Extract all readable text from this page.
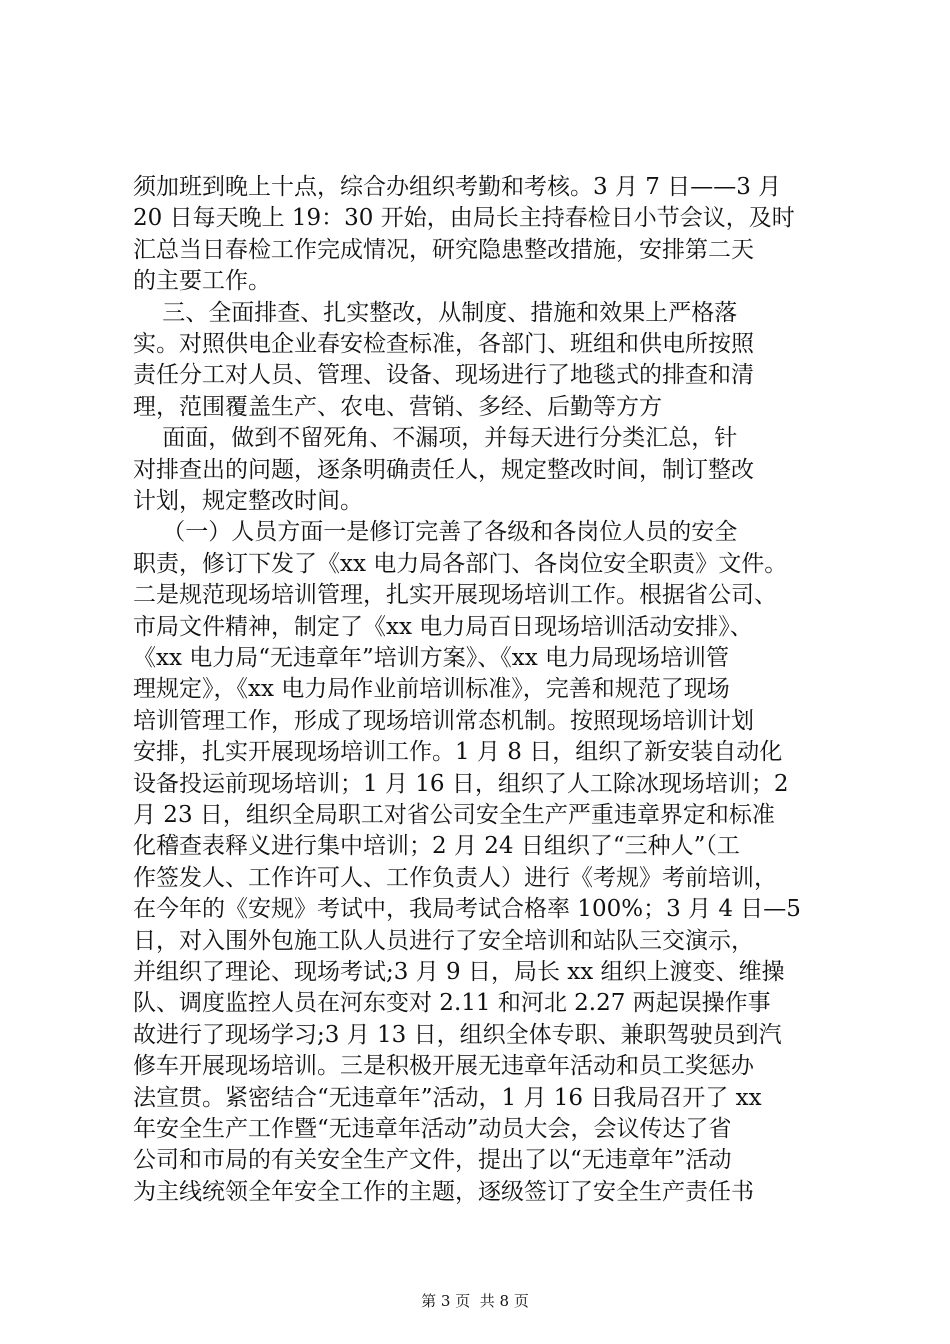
须加班到晚上十点，综合办组织考勤和考核。3 月 7 日——3 月
20 日每天晚上 19：30 开始，由局长主持春检日小节会议，及时
汇总当日春检工作完成情况，研究隐患整改措施，安排第二天
的主要工作。
三、全面排查、扎实整改，从制度、措施和效果上严格落
实。对照供电企业春安检查标准，各部门、班组和供电所按照
责任分工对人员、管理、设备、现场进行了地毯式的排查和清
理，范围覆盖生产、农电、营销、多经、后勤等方方
面面，做到不留死角、不漏项，并每天进行分类汇总，针
对排查出的问题，逐条明确责任人，规定整改时间，制订整改
计划，规定整改时间。
（一）人员方面一是修订完善了各级和各岗位人员的安全
职责，修订下发了《xx 电力局各部门、各岗位安全职责》文件。
二是规范现场培训管理，扎实开展现场培训工作。根据省公司、
市局文件精神，制定了《xx 电力局百日现场培训活动安排》、
《xx 电力局“无违章年”培训方案》、《xx 电力局现场培训管
理规定》，《xx 电力局作业前培训标准》，完善和规范了现场
培训管理工作，形成了现场培训常态机制。按照现场培训计划
安排，扎实开展现场培训工作。1 月 8 日，组织了新安装自动化
设备投运前现场培训；1 月 16 日，组织了人工除冰现场培训；2
月 23 日，组织全局职工对省公司安全生产严重违章界定和标准
化稽查表释义进行集中培训；2 月 24 日组织了“三种人”（工
作签发人、工作许可人、工作负责人）进行《考规》考前培训，
在今年的《安规》考试中，我局考试合格率 100%；3 月 4 日—5
日，对入围外包施工队人员进行了安全培训和站队三交演示，
并组织了理论、现场考试;3 月 9 日，局长 xx 组织上渡变、维操
队、调度监控人员在河东变对 2.11 和河北 2.27 两起误操作事
故进行了现场学习;3 月 13 日，组织全体专职、兼职驾驶员到汽
修车开展现场培训。三是积极开展无违章年活动和员工奖惩办
法宣贯。紧密结合“无违章年”活动，1 月 16 日我局召开了 xx
年安全生产工作暨“无违章年活动”动员大会，会议传达了省
公司和市局的有关安全生产文件，提出了以“无违章年”活动
为主线统领全年安全工作的主题，逐级签订了安全生产责任书
第 3 页  共 8 页
